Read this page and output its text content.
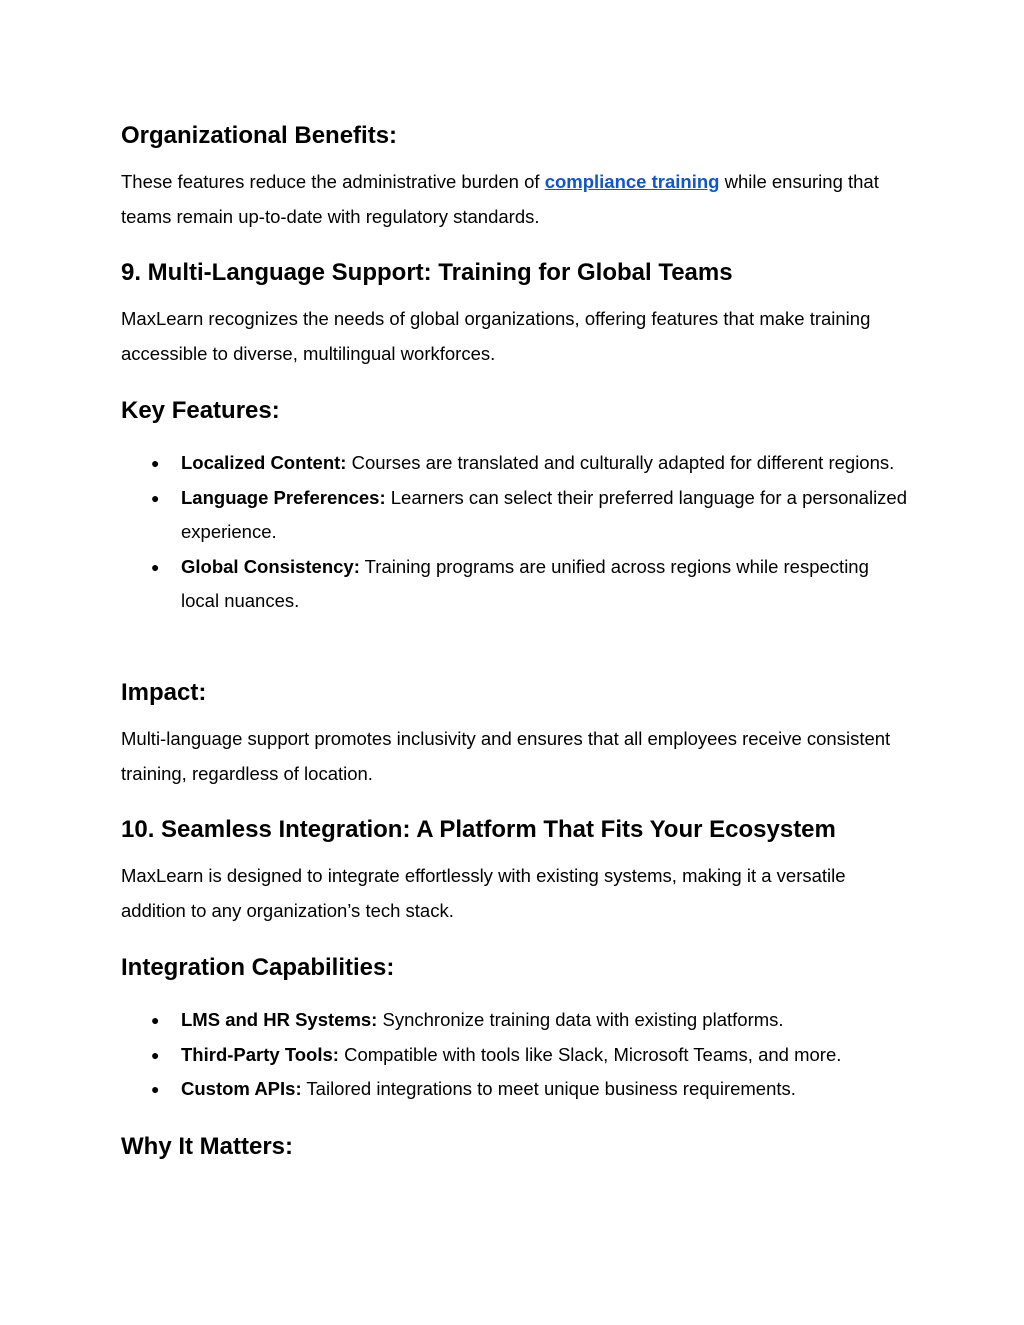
Organizational Benefits:

These features reduce the administrative burden of compliance training while ensuring that teams remain up-to-date with regulatory standards.

9. Multi-Language Support: Training for Global Teams

MaxLearn recognizes the needs of global organizations, offering features that make training accessible to diverse, multilingual workforces.

Key Features:
● Localized Content: Courses are translated and culturally adapted for different regions.
● Language Preferences: Learners can select their preferred language for a personalized experience.
● Global Consistency: Training programs are unified across regions while respecting local nuances.
Impact:

Multi-language support promotes inclusivity and ensures that all employees receive consistent training, regardless of location.

10. Seamless Integration: A Platform That Fits Your Ecosystem

MaxLearn is designed to integrate effortlessly with existing systems, making it a versatile addition to any organization’s tech stack.

Integration Capabilities:
● LMS and HR Systems: Synchronize training data with existing platforms.
● Third-Party Tools: Compatible with tools like Slack, Microsoft Teams, and more.
● Custom APIs: Tailored integrations to meet unique business requirements.
Why It Matters:
